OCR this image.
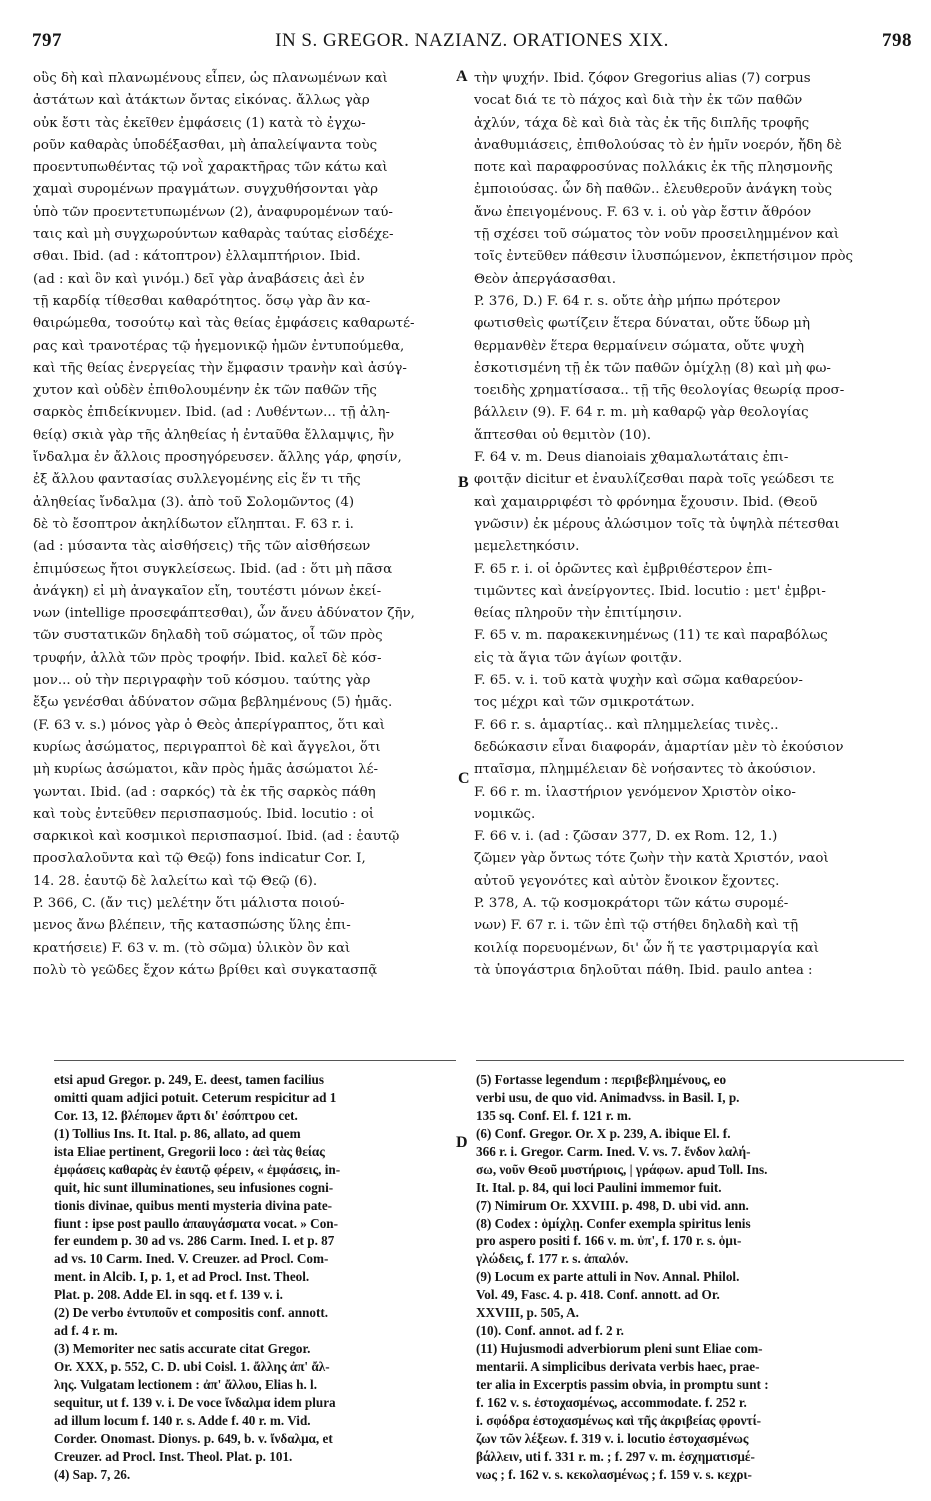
797	IN S. GREGOR. NAZIANZ. ORATIONES XIX.	798
οὓς δὴ καὶ πλανωμένους εἶπεν, ὡς πλανωμένων καὶ
ἀστάτων καὶ ἀτάκτων ὄντας εἰκόνας. ἄλλως γὰρ
οὐκ ἔστι τὰς ἐκεῖθεν ἐμφάσεις (1) κατὰ τὸ ἐγχω-
ροῦν καθαρὰς ὑποδέξασθαι, μὴ ἀπαλείψαντα τοὺς
προεντυπωθέντας τῷ νοῒ χαρακτῆρας τῶν κάτω καὶ
χαμαὶ συρομένων πραγμάτων. συγχυθήσονται γὰρ
ὑπὸ τῶν προεντετυπωμένων (2), ἀναφυρομένων ταύ-
ταις καὶ μὴ συγχωρούντων καθαρὰς ταύτας εἰσδέχε-
σθαι. Ibid. (ad : κάτοπτρον) ἐλλαμπτήριον. Ibid.
(ad : καὶ ὃν καὶ γινόμ.) δεῖ γὰρ ἀναβάσεις ἀεὶ ἐν
τῇ καρδίᾳ τίθεσθαι καθαρότητος. ὅσῳ γὰρ ἂν κα-
θαιρώμεθα, τοσούτῳ καὶ τὰς θείας ἐμφάσεις καθαρωτέ-
ρας καὶ τρανοτέρας τῷ ἡγεμονικῷ ἡμῶν ἐντυπούμεθα,
καὶ τῆς θείας ἐνεργείας τὴν ἔμφασιν τρανὴν καὶ ἀσύγ-
χυτον καὶ οὐδὲν ἐπιθολουμένην ἐκ τῶν παθῶν τῆς
σαρκὸς ἐπιδείκνυμεν. Ibid. (ad : Λυθέντων... τῇ ἀλη-
θείᾳ) σκιὰ γὰρ τῆς ἀληθείας ἡ ἐνταῦθα ἔλλαμψις, ἣν
ἴνδαλμα ἐν ἄλλοις προσηγόρευσεν. ἄλλης γάρ, φησίν,
ἐξ ἄλλου φαντασίας συλλεγομένης εἰς ἕν τι τῆς
ἀληθείας ἴνδαλμα (3). ἀπὸ τοῦ Σολομῶντος (4)
δὲ τὸ ἔσοπτρον ἀκηλίδωτον εἴληπται. F. 63 r. i.
(ad : μύσαντα τὰς αἰσθήσεις) τῆς τῶν αἰσθήσεων
ἐπιμύσεως ἤτοι συγκλείσεως. Ibid. (ad : ὅτι μὴ πᾶσα
ἀνάγκη) εἰ μὴ ἀναγκαῖον εἴη, τουτέστι μόνων ἐκεί-
νων (intellige προσεφάπτεσθαι), ὧν ἄνευ ἀδύνατον ζῆν,
τῶν συστατικῶν δηλαδὴ τοῦ σώματος, οἷ τῶν πρὸς
τρυφήν, ἀλλὰ τῶν πρὸς τροφήν. Ibid. καλεῖ δὲ κόσ-
μον... οὐ τὴν περιγραφὴν τοῦ κόσμου. ταύτης γὰρ
ἔξω γενέσθαι ἀδύνατον σῶμα βεβλημένους (5) ἡμᾶς.
(F. 63 v. s.) μόνος γὰρ ὁ Θεὸς ἀπερίγραπτος, ὅτι καὶ
κυρίως ἀσώματος, περιγραπτοὶ δὲ καὶ ἄγγελοι, ὅτι
μὴ κυρίως ἀσώματοι, κἂν πρὸς ἡμᾶς ἀσώματοι λέ-
γωνται. Ibid. (ad : σαρκός) τὰ ἐκ τῆς σαρκὸς πάθη
καὶ τοὺς ἐντεῦθεν περισπασμούς. Ibid. locutio : οἱ
σαρκικοὶ καὶ κοσμικοὶ περισπασμοί. Ibid. (ad : ἑαυτῷ
προσλαλοῦντα καὶ τῷ Θεῷ) fons indicatur Cor. I,
14. 28. ἑαυτῷ δὲ λαλείτω καὶ τῷ Θεῷ (6).
P. 366, C. (ἄν τις) μελέτην ὅτι μάλιστα ποιού-
μενος ἄνω βλέπειν, τῆς κατασπώσης ὕλης ἐπι-
κρατήσειε) F. 63 v. m. (τὸ σῶμα) ὑλικὸν ὂν καὶ
πολὺ τὸ γεῶδες ἔχον κάτω βρίθει καὶ συγκατασπᾷ
τὴν ψυχήν. Ibid. ζόφον Gregorius alias (7) corpus
vocat διά τε τὸ πάχος καὶ διὰ τὴν ἐκ τῶν παθῶν
ἀχλύν, τάχα δὲ καὶ διὰ τὰς ἐκ τῆς διπλῆς τροφῆς
ἀναθυμιάσεις, ἐπιθολούσας τὸ ἐν ἡμῖν νοερόν, ἤδη δὲ
ποτε καὶ παραφροσύνας πολλάκις ἐκ τῆς πλησμονῆς
ἐμποιούσας. ὧν δὴ παθῶν.. ἐλευθεροῦν ἀνάγκη τοὺς
ἄνω ἐπειγομένους. F. 63 v. i. οὐ γὰρ ἔστιν ἄθρόον
τῇ σχέσει τοῦ σώματος τὸν νοῦν προσειλημμένον καὶ
τοῖς ἐντεῦθεν πάθεσιν ἰλυσπώμενον, ἐκπετήσιμον πρὸς
Θεὸν ἀπεργάσασθαι.
P. 376, D.) F. 64 r. s. οὔτε ἀὴρ μήπω πρότερον
φωτισθεὶς φωτίζειν ἕτερα δύναται, οὔτε ὕδωρ μὴ
θερμανθὲν ἕτερα θερμαίνειν σώματα, οὔτε ψυχὴ
ἐσκοτισμένη τῇ ἐκ τῶν παθῶν ὁμίχλῃ (8) καὶ μὴ φω-
τοειδὴς χρηματίσασα.. τῇ τῆς θεολογίας θεωρίᾳ προσ-
βάλλειν (9). F. 64 r. m. μὴ καθαρῷ γὰρ θεολογίας
ἅπτεσθαι οὐ θεμιτὸν (10).
F. 64 v. m. Deus dianoiais χθαμαλωτάταις ἐπι-
φοιτᾷν dicitur et ἐναυλίζεσθαι παρὰ τοῖς γεώδεσι τε
καὶ χαμαιρριφέσι τὸ φρόνημα ἔχουσιν. Ibid. (Θεοῦ
γνῶσιν) ἐκ μέρους ἀλώσιμον τοῖς τὰ ὑψηλὰ πέτεσθαι
μεμελετηκόσιν.
F. 65 r. i. οἱ ὁρῶντες καὶ ἐμβριθέστερον ἐπι-
τιμῶντες καὶ ἀνείργοντες. Ibid. locutio : μετ' ἐμβρι-
θείας πληροῦν τὴν ἐπιτίμησιν.
F. 65 v. m. παρακεκινημένως (11) τε καὶ παραβόλως
εἰς τὰ ἅγια τῶν ἁγίων φοιτᾷν.
F. 65. v. i. τοῦ κατὰ ψυχὴν καὶ σῶμα καθαρεύον-
τος μέχρι καὶ τῶν σμικροτάτων.
F. 66 r. s. ἁμαρτίας.. καὶ πλημμελείας τινὲς..
δεδώκασιν εἶναι διαφοράν, ἁμαρτίαν μὲν τὸ ἑκούσιον
πταῖσμα, πλημμέλειαν δὲ νοήσαντες τὸ ἀκούσιον.
F. 66 r. m. ἱλαστήριον γενόμενον Χριστὸν οἰκο-
νομικῶς.
F. 66 v. i. (ad : ζῶσαν 377, D. ex Rom. 12, 1.)
ζῶμεν γὰρ ὄντως τότε ζωὴν τὴν κατὰ Χριστόν, ναοὶ
αὐτοῦ γεγονότες καὶ αὐτὸν ἔνοικον ἔχοντες.
P. 378, A. τῷ κοσμοκράτορι τῶν κάτω συρομέ-
νων) F. 67 r. i. τῶν ἐπὶ τῷ στήθει δηλαδὴ καὶ τῇ
κοιλίᾳ πορευομένων, δι' ὧν ἥ τε γαστριμαργία καὶ
τὰ ὑπογάστρια δηλοῦται πάθη. Ibid. paulo antea :
A
B
C
D
etsi apud Gregor. p. 249, E. deest, tamen facilius
omitti quam adjici potuit. Ceterum respicitur ad 1
Cor. 13, 12. βλέπομεν ἄρτι δι' ἐσόπτρου cet.
(1) Tollius Ins. It. Ital. p. 86, allato, ad quem
ista Eliae pertinent, Gregorii loco : ἀεὶ τὰς θείας
ἐμφάσεις καθαρὰς ἐν ἑαυτῷ φέρειν, « ἐμφάσεις, in-
quit, hic sunt illuminationes, seu infusiones cogni-
tionis divinae, quibus menti mysteria divina pate-
fiunt : ipse post paullo ἀπαυγάσματα vocat. » Con-
fer eundem p. 30 ad vs. 286 Carm. Ined. I. et p. 87
ad vs. 10 Carm. Ined. V. Creuzer. ad Procl. Com-
ment. in Alcib. I, p. 1, et ad Procl. Inst. Theol.
Plat. p. 208. Adde El. in sqq. et f. 139 v. i.
(2) De verbo ἐντυποῦν et compositis conf. annott.
ad f. 4 r. m.
(3) Memoriter nec satis accurate citat Gregor.
Or. XXX, p. 552, C. D. ubi Coisl. 1. ἄλλης ἀπ' ἄλ-
λης. Vulgatam lectionem : ἀπ' ἄλλου, Elias h. l.
sequitur, ut f. 139 v. i. De voce ἴνδαλμα idem plura
ad illum locum f. 140 r. s. Adde f. 40 r. m. Vid.
Corder. Onomast. Dionys. p. 649, b. v. ἴνδαλμα, et
Creuzer. ad Procl. Inst. Theol. Plat. p. 101.
(4) Sap. 7, 26.
(5) Fortasse legendum : περιβεβλημένους, eo
verbi usu, de quo vid. Animadvss. in Basil. I, p.
135 sq. Conf. El. f. 121 r. m.
(6) Conf. Gregor. Or. X p. 239, A. ibique El. f.
366 r. i. Gregor. Carm. Ined. V. vs. 7. ἔνδον λαλή-
σω, νοῦν Θεοῦ μυστήριοις, | γράφων. apud Toll. Ins.
It. Ital. p. 84, qui loci Paulini immemor fuit.
(7) Nimirum Or. XXVIII. p. 498, D. ubi vid. ann.
(8) Codex : ὁμίχλῃ. Confer exempla spiritus lenis
pro aspero positi f. 166 v. m. ὑπ', f. 170 r. s. ὁμι-
γλώδεις, f. 177 r. s. ἀπαλόν.
(9) Locum ex parte attuli in Nov. Annal. Philol.
Vol. 49, Fasc. 4. p. 418. Conf. annott. ad Or.
XXVIII, p. 505, A.
(10). Conf. annot. ad f. 2 r.
(11) Hujusmodi adverbiorum pleni sunt Eliae com-
mentarii. A simplicibus derivata verbis haec, prae-
ter alia in Excerptis passim obvia, in promptu sunt :
f. 162 v. s. ἐστοχασμένως, accommodate. f. 252 r.
i. σφόδρα ἐστοχασμένως καὶ τῆς ἀκριβείας φροντί-
ζων τῶν λέξεων. f. 319 v. i. locutio ἐστοχασμένως
βάλλειν, uti f. 331 r. m. ; f. 297 v. m. ἐσχηματισμέ-
νως ; f. 162 v. s. κεκολασμένως ; f. 159 v. s. κεχρι-
